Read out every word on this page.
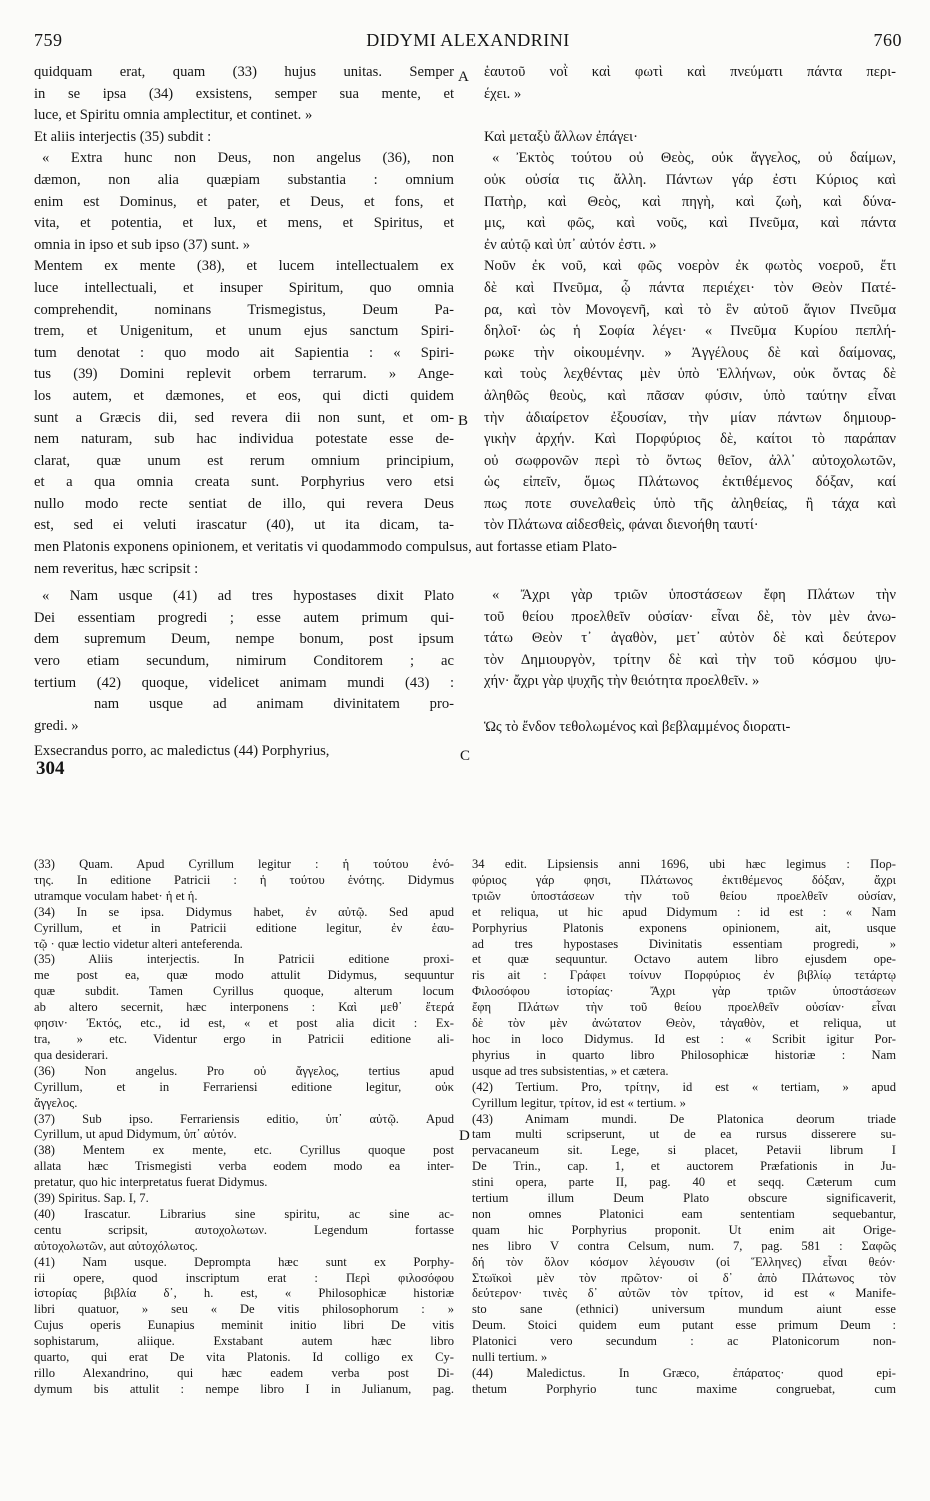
759	DIDYMI ALEXANDRINI	760
quidquam erat, quam (33) hujus unitas. Semper
in se ipsa (34) exsistens, semper sua mente, et
luce, et Spiritu omnia amplectitur, et continet. »
Et aliis interjectis (35) subdit :
« Extra hunc non Deus, non angelus (36), non
dæmon, non alia quæpiam substantia : omnium
enim est Dominus, et pater, et Deus, et fons, et
vita, et potentia, et lux, et mens, et Spiritus, et
omnia in ipso et sub ipso (37) sunt. »
Mentem ex mente (38), et lucem intellectualem ex
luce intellectuali, et insuper Spiritum, quo omnia
comprehendit, nominans Trismegistus, Deum Pa-
trem, et Unigenitum, et unum ejus sanctum Spiri-
tum denotat : quo modo ait Sapientia : « Spiri-
tus (39) Domini replevit orbem terrarum. » Ange-
los autem, et dæmones, et eos, qui dicti quidem
sunt a Græcis dii, sed revera dii non sunt, et om-
nem naturam, sub hac individua potestate esse de-
clarat, quæ unum est rerum omnium principium,
et a qua omnia creata sunt. Porphyrius vero etsi
nullo modo recte sentiat de illo, qui revera Deus
est, sed ei veluti irascatur (40), ut ita dicam, ta-
men Platonis exponens opinionem, et veritatis vi quodammodo compulsus, aut fortasse etiam Plato-
nem reveritus, hæc scripsit :
« Nam usque (41) ad tres hypostases dixit Plato
Dei essentiam progredi ; esse autem primum qui-
dem supremum Deum, nempe bonum, post ipsum
vero etiam secundum, nimirum Conditorem ; ac
tertium (42) quoque, videlicet animam mundi (43) :
nam usque ad animam divinitatem pro-
gredi. »
Exsecrandus porro, ac maledictus (44) Porphyrius,
ἑαυτοῦ νοῒ καὶ φωτὶ καὶ πνεύματι πάντα περι-
έχει. »

Καὶ μεταξὺ ἄλλων ἐπάγει·
« Ἐκτὸς τούτου οὐ Θεὸς, οὐκ ἄγγελος, οὐ δαίμων,
οὐκ οὐσία τις ἄλλη. Πάντων γάρ ἐστι Κύριος καὶ
Πατὴρ, καὶ Θεὸς, καὶ πηγὴ, καὶ ζωὴ, καὶ δύνα-
μις, καὶ φῶς, καὶ νοῦς, καὶ Πνεῦμα, καὶ πάντα
ἐν αὐτῷ καὶ ὑπ᾽ αὐτόν ἐστι. »
Νοῦν ἐκ νοῦ, καὶ φῶς νοερὸν ἐκ φωτὸς νοεροῦ, ἔτι
δὲ καὶ Πνεῦμα, ᾧ πάντα περιέχει· τὸν Θεὸν Πατέ-
ρα, καὶ τὸν Μονογενῆ, καὶ τὸ ἓν αὐτοῦ ἅγιον Πνεῦμα
δηλοῖ· ὡς ἡ Σοφία λέγει· « Πνεῦμα Κυρίου πεπλή-
ρωκε τὴν οἰκουμένην. » Ἀγγέλους δὲ καὶ δαίμονας,
καὶ τοὺς λεχθέντας μὲν ὑπὸ Ἑλλήνων, οὐκ ὄντας δὲ
ἀληθῶς θεοὺς, καὶ πᾶσαν φύσιν, ὑπὸ ταύτην εἶναι
τὴν ἀδιαίρετον ἐξουσίαν, τὴν μίαν πάντων δημιουρ-
γικὴν ἀρχήν. Καὶ Πορφύριος δὲ, καίτοι τὸ παράπαν
οὐ σωφρονῶν περὶ τὸ ὄντως θεῖον, ἀλλ᾽ αὐτοχολωτῶν,
ὡς εἰπεῖν, ὅμως Πλάτωνος ἐκτιθέμενος δόξαν, καί
πως ποτε συνελαθεὶς ὑπὸ τῆς ἀληθείας, ἢ τάχα καὶ
τὸν Πλάτωνα αἰδεσθεὶς, φάναι διενοήθη ταυτί·
« Ἄχρι γὰρ τριῶν ὑποστάσεων ἔφη Πλάτων τὴν
τοῦ θείου προελθεῖν οὐσίαν· εἶναι δὲ, τὸν μὲν ἀνω-
τάτω Θεὸν τ᾽ ἀγαθὸν, μετ᾽ αὐτὸν δὲ καὶ δεύτερον
τὸν Δημιουργὸν, τρίτην δὲ καὶ τὴν τοῦ κόσμου ψυ-
χήν· ἄχρι γὰρ ψυχῆς τὴν θειότητα προελθεῖν. »
Ὡς τὸ ἔνδον τεθολωμένος καὶ βεβλαμμένος διορατι-
A
B
C
D
304
(33) Quam. Apud Cyrillum legitur : ἡ τούτου ἑνό-
της. In editione Patricii : ἡ τούτου ἑνότης. Didymus
utramque voculam habet· ἡ et ἡ.
(34) In se ipsa. Didymus habet, ἐν αὐτῷ. Sed apud
Cyrillum, et in Patricii editione legitur, ἐν ἑαυ-
τῷ · quæ lectio videtur alteri anteferenda.
(35) Aliis interjectis. In Patricii editione proxi-
me post ea, quæ modo attulit Didymus, sequuntur
quæ subdit. Tamen Cyrillus quoque, alterum locum
ab altero secernit, hæc interponens : Καὶ μεθ᾽ ἕτερά
φησιν· Ἐκτός, etc., id est, « et post alia dicit : Ex-
tra, » etc. Videntur ergo in Patricii editione ali-
qua desiderari.
(36) Non angelus. Pro οὐ ἄγγελος, tertius apud
Cyrillum, et in Ferrariensi editione legitur, οὐκ
ἄγγελος.
(37) Sub ipso. Ferrariensis editio, ὑπ᾽ αὐτῷ. Apud
Cyrillum, ut apud Didymum, ὑπ᾽ αὐτόν.
(38) Mentem ex mente, etc. Cyrillus quoque post
allata hæc Trismegisti verba eodem modo ea inter-
pretatur, quo hic interpretatus fuerat Didymus.
(39) Spiritus. Sap. I, 7.
(40) Irascatur. Librarius sine spiritu, ac sine ac-
centu scripsit, αυτοχολωτων. Legendum fortasse
αὐτοχολωτῶν, aut αὐτοχόλωτος.
(41) Nam usque. Deprompta hæc sunt ex Porphy-
rii opere, quod inscriptum erat : Περὶ φιλοσόφου
ἱστορίας βιβλία δ᾽, h. est, « Philosophicæ historiæ
libri quatuor, » seu « De vitis philosophorum : »
Cujus operis Eunapius meminit initio libri De vitis
sophistarum, aliique. Exstabant autem hæc libro
quarto, qui erat De vita Platonis. Id colligo ex Cy-
rillo Alexandrino, qui hæc eadem verba post Di-
dymum bis attulit : nempe libro I in Julianum, pag.
34 edit. Lipsiensis anni 1696, ubi hæc legimus : Πορ-
φύριος γάρ φησι, Πλάτωνος ἐκτιθέμενος δόξαν, ἄχρι
τριῶν ὑποστάσεων τὴν τοῦ θείου προελθεῖν οὐσίαν,
et reliqua, ut hic apud Didymum : id est : « Nam
Porphyrius Platonis exponens opinionem, ait, usque
ad tres hypostases Divinitatis essentiam progredi, »
et quæ sequuntur. Octavo autem libro ejusdem ope-
ris ait : Γράφει τοίνυν Πορφύριος ἐν βιβλίῳ τετάρτῳ
Φιλοσόφου ἱστορίας· Ἄχρι γὰρ τριῶν ὑποστάσεων
ἔφη Πλάτων τὴν τοῦ θείου προελθεῖν οὐσίαν· εἶναι
δὲ τὸν μὲν ἀνώτατον Θεὸν, τἀγαθὸν, et reliqua, ut
hoc in loco Didymus. Id est : « Scribit igitur Por-
phyrius in quarto libro Philosophicæ historiæ : Nam
usque ad tres subsistentias, » et cætera.
(42) Tertium. Pro, τρίτην, id est « tertiam, » apud
Cyrillum legitur, τρίτον, id est « tertium. »
(43) Animam mundi. De Platonica deorum triade
tam multi scripserunt, ut de ea rursus disserere su-
pervacaneum sit. Lege, si placet, Petavii librum I
De Trin., cap. 1, et auctorem Præfationis in Ju-
stini opera, parte II, pag. 40 et seqq. Cæterum cum
tertium illum Deum Plato obscure significaverit,
non omnes Platonici eam sententiam sequebantur,
quam hic Porphyrius proponit. Ut enim ait Orige-
nes libro V contra Celsum, num. 7, pag. 581 : Σαφῶς
δή τὸν ὅλον κόσμον λέγουσιν (οἱ Ἕλληνες) εἶναι θεόν·
Στωϊκοὶ μὲν τὸν πρῶτον· οἱ δ᾽ ἀπὸ Πλάτωνος τὸν
δεύτερον· τινὲς δ᾽ αὐτῶν τὸν τρίτον, id est « Manife-
sto sane (ethnici) universum mundum aiunt esse
Deum. Stoici quidem eum putant esse primum Deum :
Platonici vero secundum : ac Platonicorum non-
nulli tertium. »
(44) Maledictus. In Græco, ἐπάρατος· quod epi-
thetum Porphyrio tunc maxime congruebat, cum
